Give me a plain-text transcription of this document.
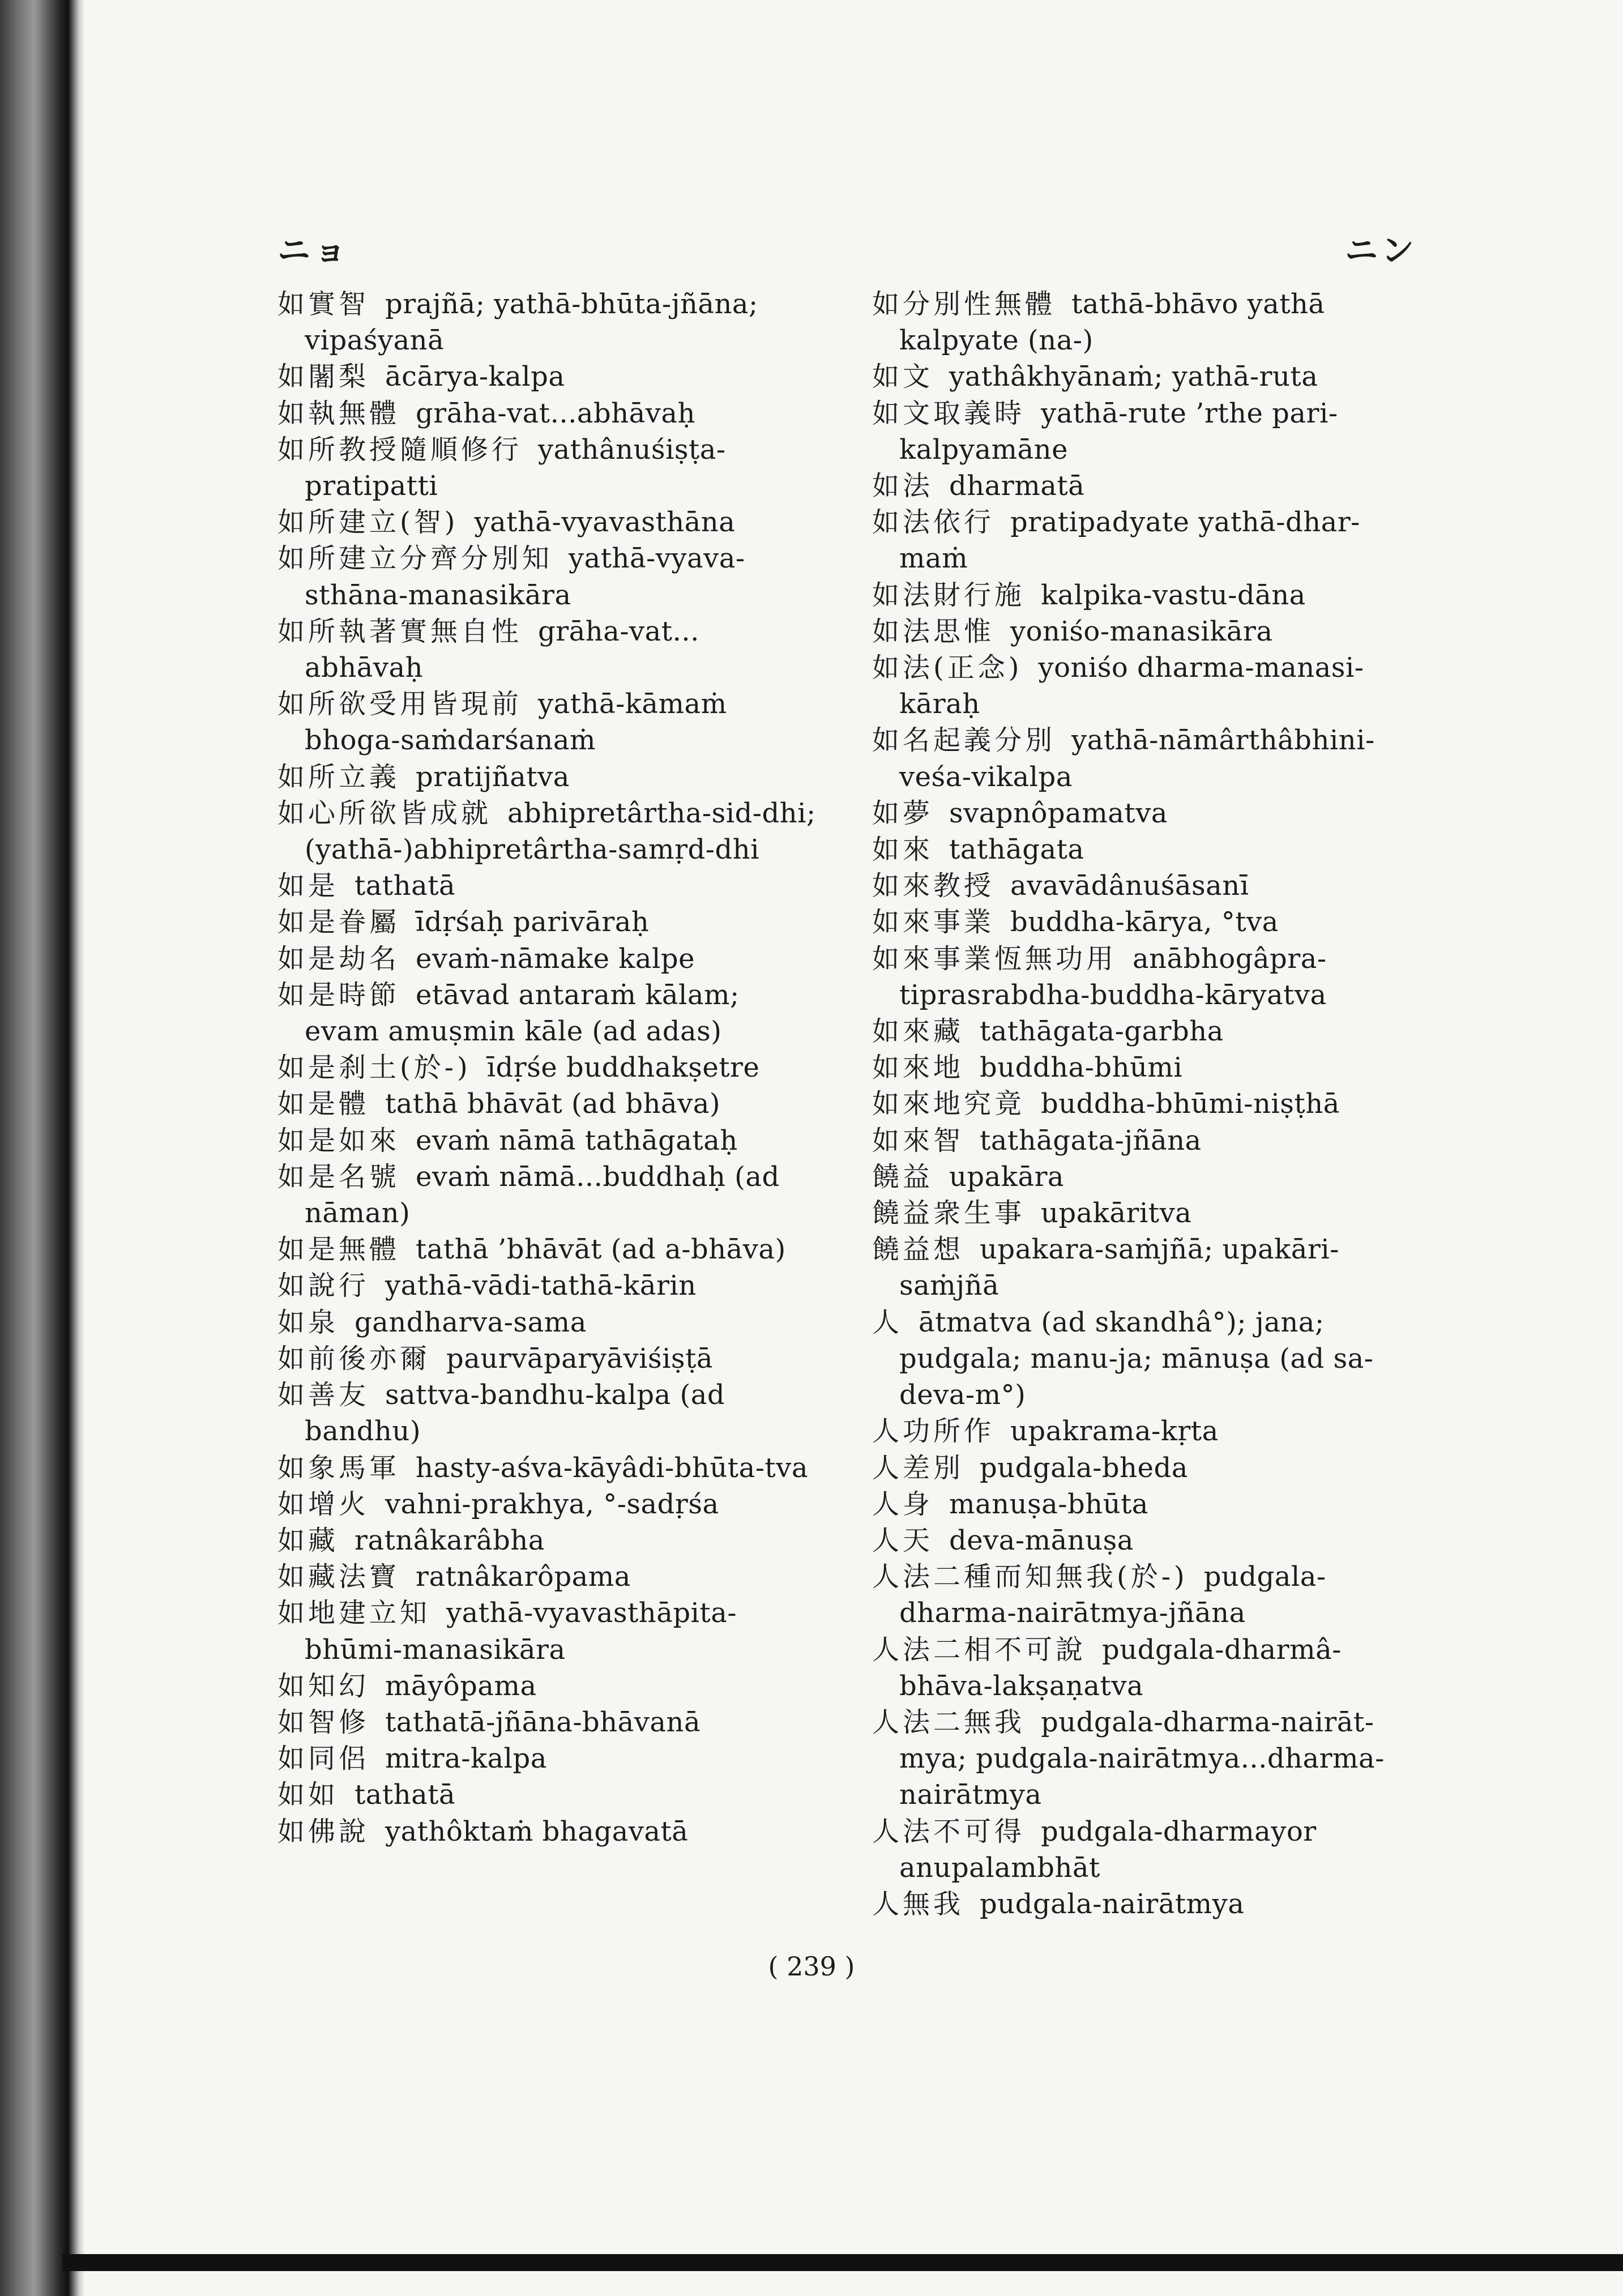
ニョ	ニン
如實智 prajñā; yathā-bhūta-jñāna; vipaśyanā
如闍梨 ācārya-kalpa
如執無體 grāha-vat...abhāvaḥ
如所教授隨順修行 yathânuśiṣṭa-pratipatti
如所建立(智) yathā-vyavasthāna
如所建立分齊分別知 yathā-vyava-sthāna-manasikāra
如所執著實無自性 grāha-vat... abhāvaḥ
如所欲受用皆現前 yathā-kāmaṁ bhoga-saṁdarśanaṁ
如所立義 pratijñatva
如心所欲皆成就 abhipretârtha-sid-dhi; (yathā-)abhipretârtha-samṛd-dhi
如是 tathatā
如是眷屬 īdṛśaḥ parivāraḥ
如是劫名 evaṁ-nāmake kalpe
如是時節 etāvad antaraṁ kālam; evam amuṣmin kāle (ad adas)
如是刹土(於-) īdṛśe buddhakṣetre
如是體 tathā bhāvāt (ad bhāva)
如是如來 evaṁ nāmā tathāgataḥ
如是名號 evaṁ nāmā...buddhaḥ (ad nāman)
如是無體 tathā ’bhāvāt (ad a-bhāva)
如說行 yathā-vādi-tathā-kārin
如泉 gandharva-sama
如前後亦爾 paurvāparyāviśiṣṭā
如善友 sattva-bandhu-kalpa (ad bandhu)
如象馬軍 hasty-aśva-kāyâdi-bhūta-tva
如增火 vahni-prakhya, °-sadṛśa
如藏 ratnâkarâbha
如藏法寶 ratnâkarôpama
如地建立知 yathā-vyavasthāpita-bhūmi-manasikāra
如知幻 māyôpama
如智修 tathatā-jñāna-bhāvanā
如同侶 mitra-kalpa
如如 tathatā
如佛說 yathôktaṁ bhagavatā
如分別性無體 tathā-bhāvo yathā kalpyate (na-)
如文 yathâkhyānaṁ; yathā-ruta
如文取義時 yathā-rute ’rthe pari-kalpyamāne
如法 dharmatā
如法依行 pratipadyate yathā-dhar-maṁ
如法財行施 kalpika-vastu-dāna
如法思惟 yoniśo-manasikāra
如法(正念) yoniśo dharma-manasi-kāraḥ
如名起義分別 yathā-nāmârthâbhini-veśa-vikalpa
如夢 svapnôpamatva
如來 tathāgata
如來教授 avavādânuśāsanī
如來事業 buddha-kārya, °tva
如來事業恆無功用 anābhogâpra-tiprasrabdha-buddha-kāryatva
如來藏 tathāgata-garbha
如來地 buddha-bhūmi
如來地究竟 buddha-bhūmi-niṣṭhā
如來智 tathāgata-jñāna
饒益 upakāra
饒益衆生事 upakāritva
饒益想 upakara-saṁjñā; upakāri-saṁjñā
人 ātmatva (ad skandhâ°); jana; pudgala; manu-ja; mānuṣa (ad sa-deva-m°)
人功所作 upakrama-kṛta
人差別 pudgala-bheda
人身 manuṣa-bhūta
人天 deva-mānuṣa
人法二種而知無我(於-) pudgala-dharma-nairātmya-jñāna
人法二相不可說 pudgala-dharmâ-bhāva-lakṣaṇatva
人法二無我 pudgala-dharma-nairāt-mya; pudgala-nairātmya...dharma-nairātmya
人法不可得 pudgala-dharmayor anupalambhāt
人無我 pudgala-nairātmya
( 239 )
